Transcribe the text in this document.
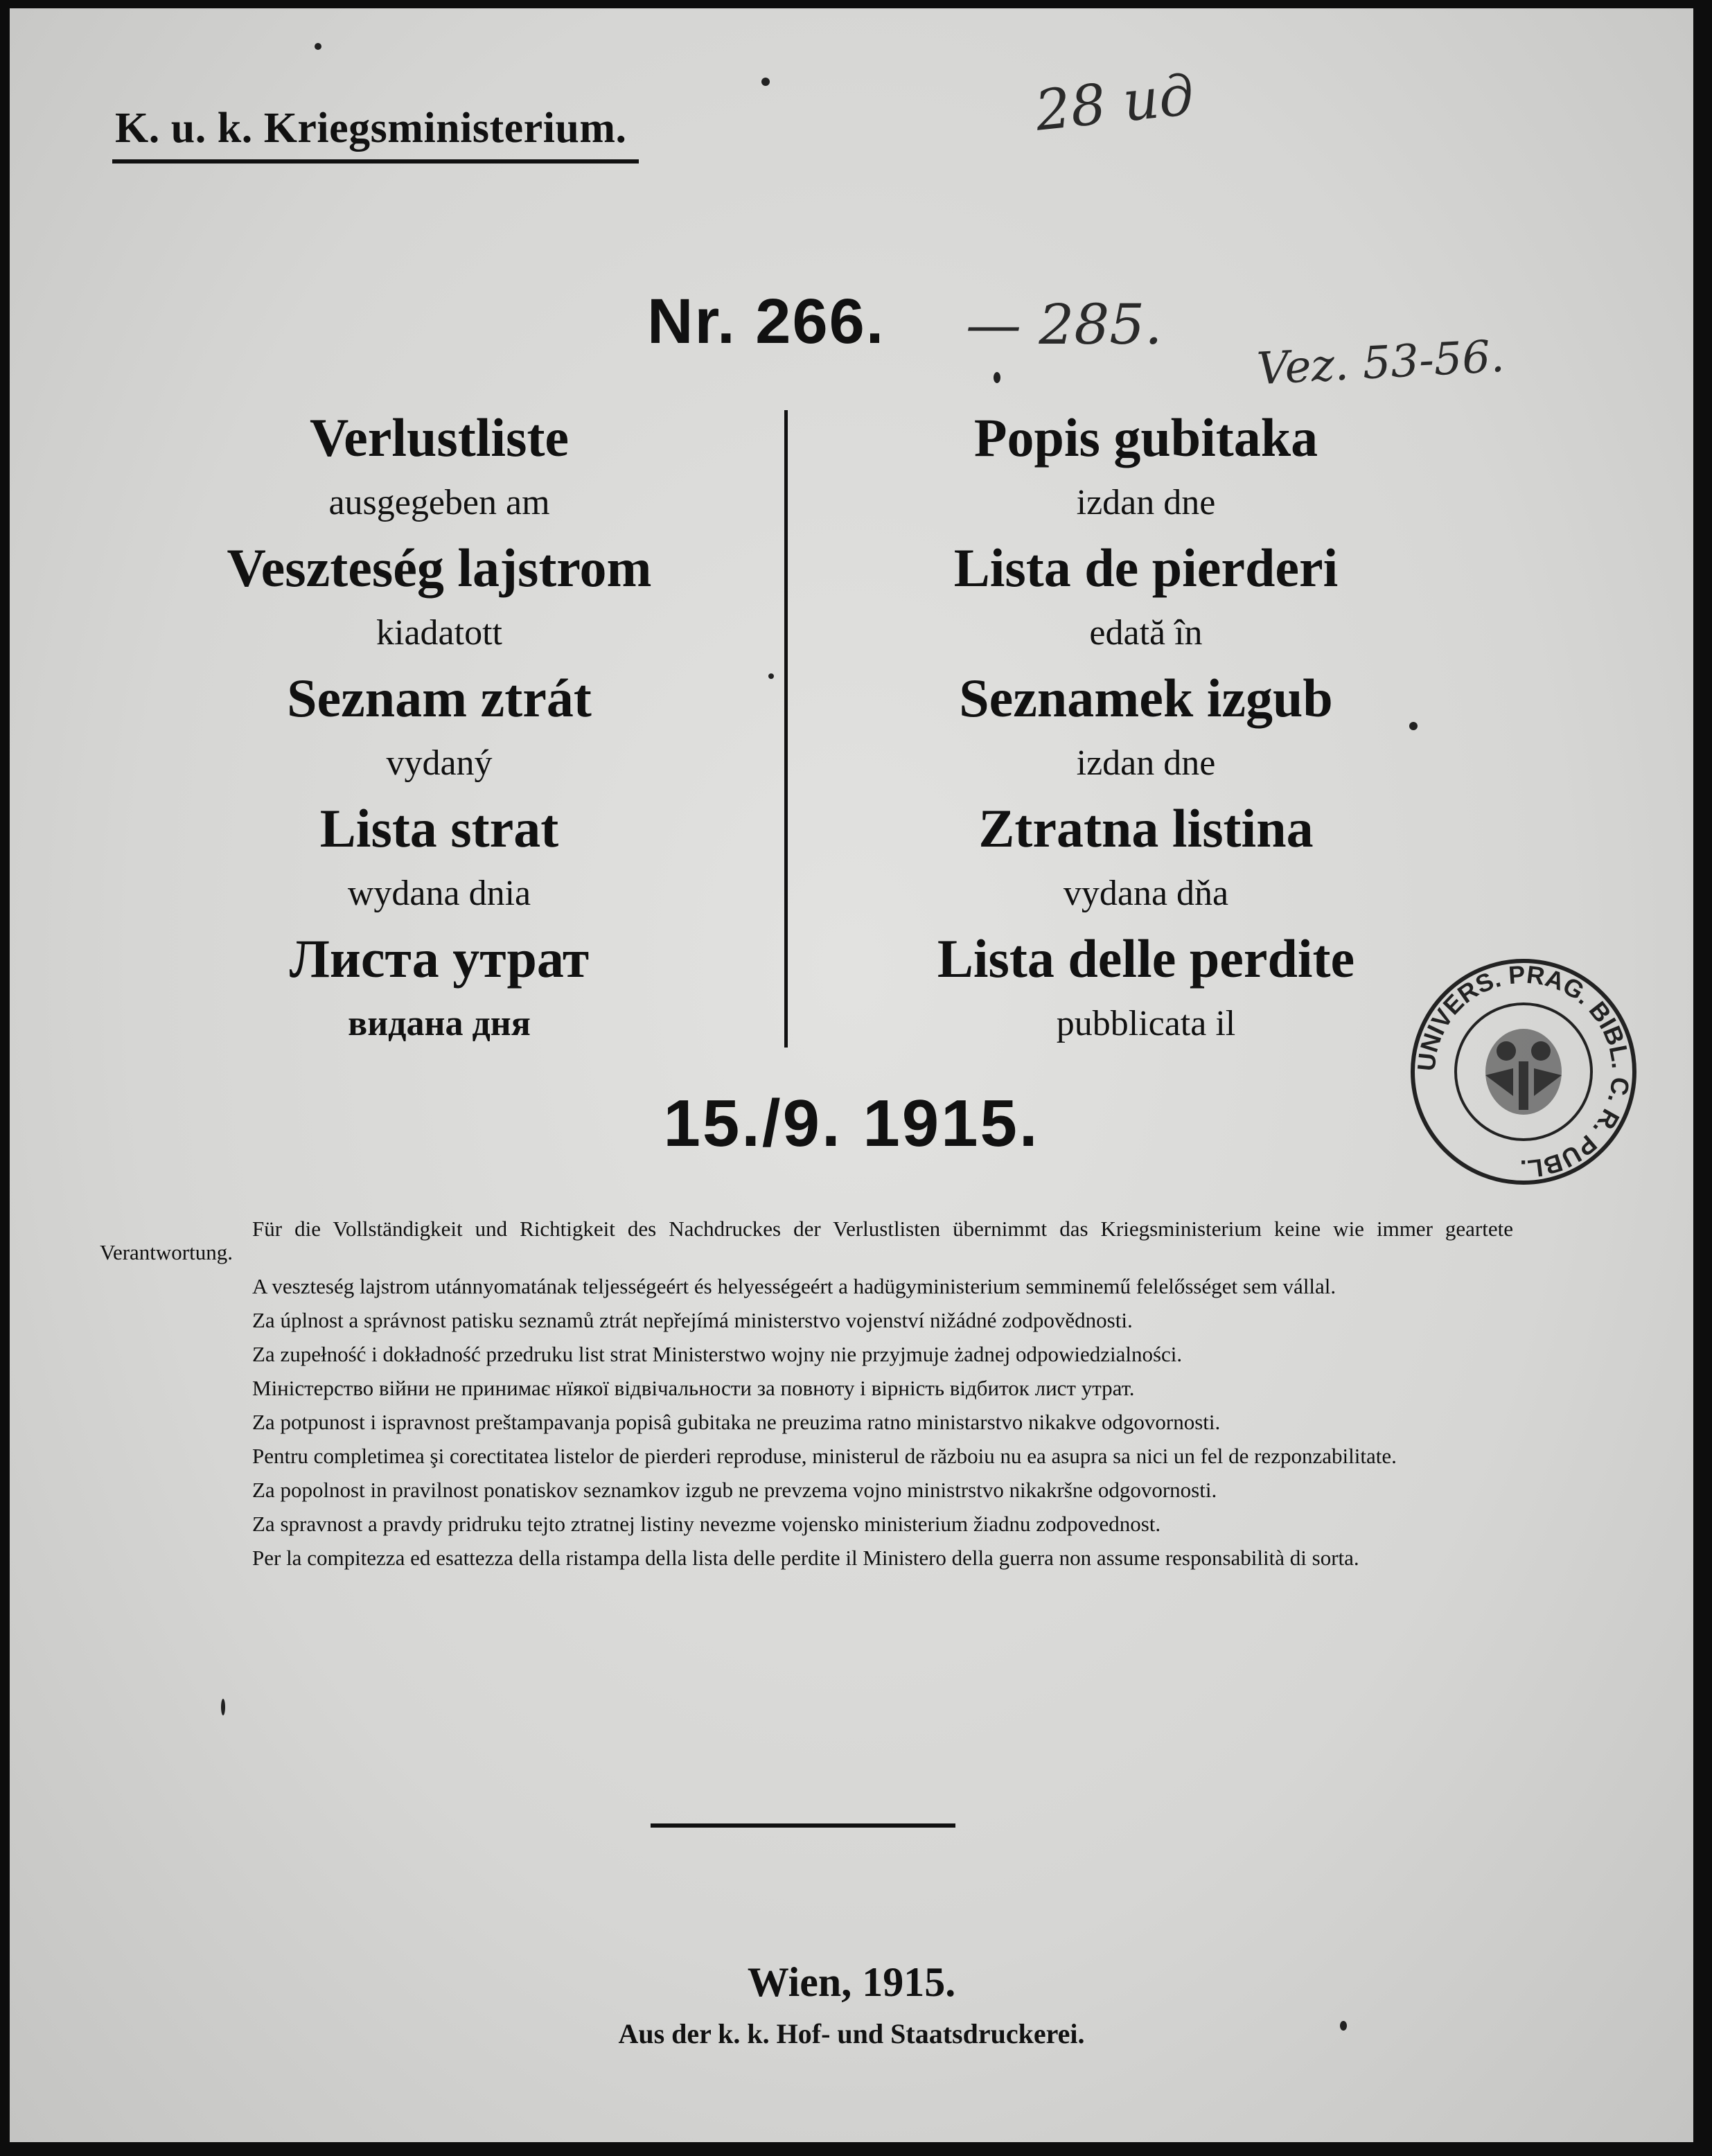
K. u. k. Kriegsministerium.	28 ид
Nr. 266. — 285.
Vez. 53-56.
Verlustliste
ausgegeben am
Veszteség lajstrom
kiadatott
Seznam ztrát
vydaný
Lista strat
wydana dnia
Листа утрат
видана дня
Popis gubitaka
izdan dne
Lista de pierderi
edată în
Seznamek izgub
izdan dne
Ztratna listina
vydana dňa
Lista delle perdite
pubblicata il
UNIVERS. PRAG. BIBL. C. R. PUBL.
15./9. 1915.

Für die Vollständigkeit und Richtigkeit des Nachdruckes der Verlustlisten übernimmt das Kriegsministerium keine wie immer geartete Verantwortung.

A veszteség lajstrom utánnyomatának teljességeért és helyességeért a hadügyministerium semminemű felelősséget sem vállal.

Za úplnost a správnost patisku seznamů ztrát nepřejímá ministerstvo vojenství nižádné zodpovědnosti.

Za zupełność i dokładność przedruku list strat Ministerstwo wojny nie przyjmuje żadnej odpowiedzialności.

Міністерство війни не принимає нїякої відвічальности за повноту і вірність відбиток лист утрат.

Za potpunost i ispravnost preštampavanja popisâ gubitaka ne preuzima ratno ministarstvo nikakve odgovornosti.

Pentru completimea şi corectitatea listelor de pierderi reproduse, ministerul de războiu nu ea asupra sa nici un fel de rezponzabilitate.

Za popolnost in pravilnost ponatiskov seznamkov izgub ne prevzema vojno ministrstvo nikakršne odgovornosti.

Za spravnost a pravdy pridruku tejto ztratnej listiny nevezme vojensko ministerium žiadnu zodpovednost.

Per la compitezza ed esattezza della ristampa della lista delle perdite il Ministero della guerra non assume responsabilità di sorta.

Wien, 1915.
Aus der k. k. Hof- und Staatsdruckerei.
